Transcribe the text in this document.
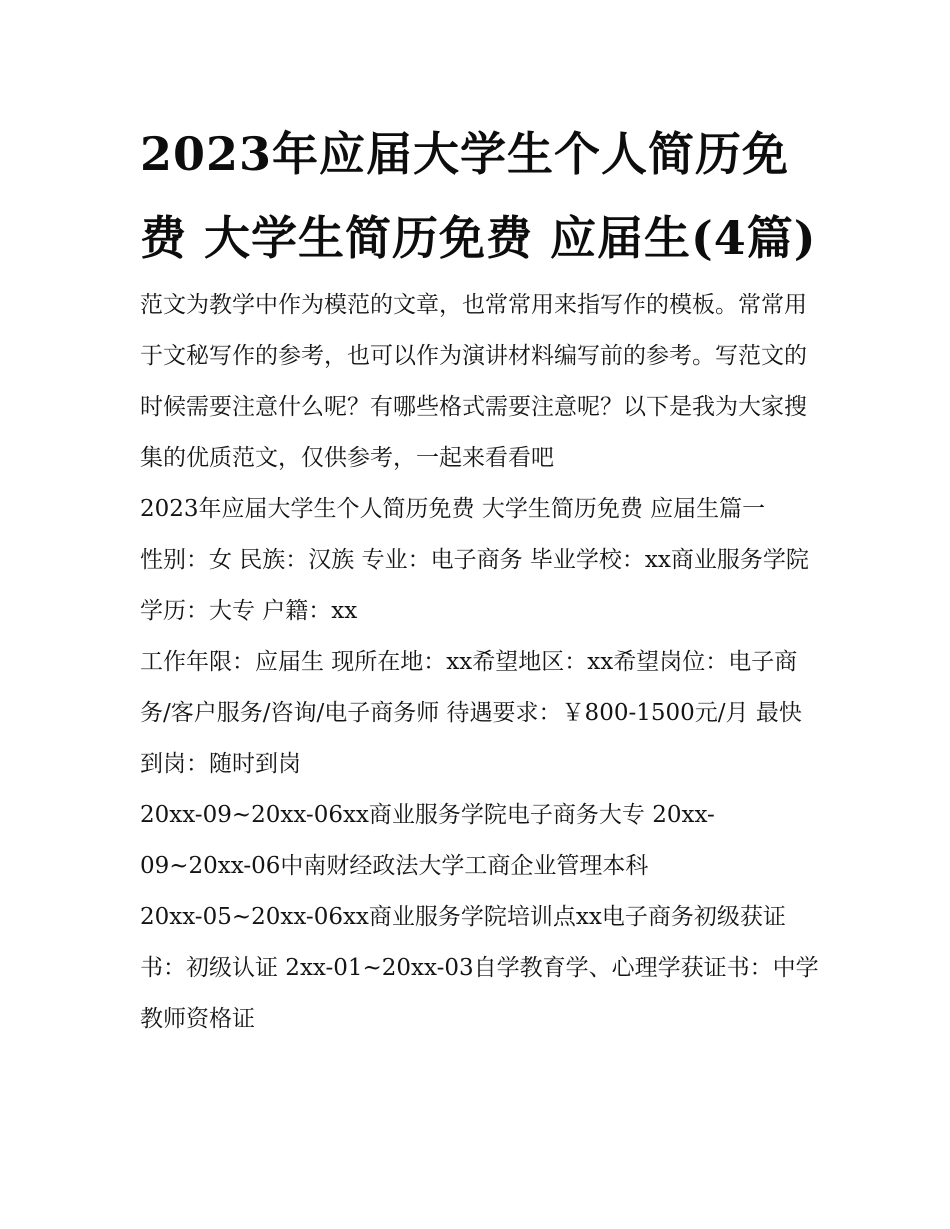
2023年应届大学生个人简历免费 大学生简历免费 应届生(4篇)

范文为教学中作为模范的文章，也常常用来指写作的模板。常常用于文秘写作的参考，也可以作为演讲材料编写前的参考。写范文的时候需要注意什么呢？有哪些格式需要注意呢？以下是我为大家搜集的优质范文，仅供参考，一起来看看吧

2023年应届大学生个人简历免费 大学生简历免费 应届生篇一

性别：女 民族：汉族 专业：电子商务 毕业学校：xx商业服务学院 学历：大专 户籍：xx

工作年限：应届生 现所在地：xx希望地区：xx希望岗位：电子商务/客户服务/咨询/电子商务师 待遇要求：￥800-1500元/月 最快到岗：随时到岗

20xx-09~20xx-06xx商业服务学院电子商务大专 20xx-09~20xx-06中南财经政法大学工商企业管理本科

20xx-05~20xx-06xx商业服务学院培训点xx电子商务初级获证书：初级认证 2xx-01~20xx-03自学教育学、心理学获证书：中学教师资格证
